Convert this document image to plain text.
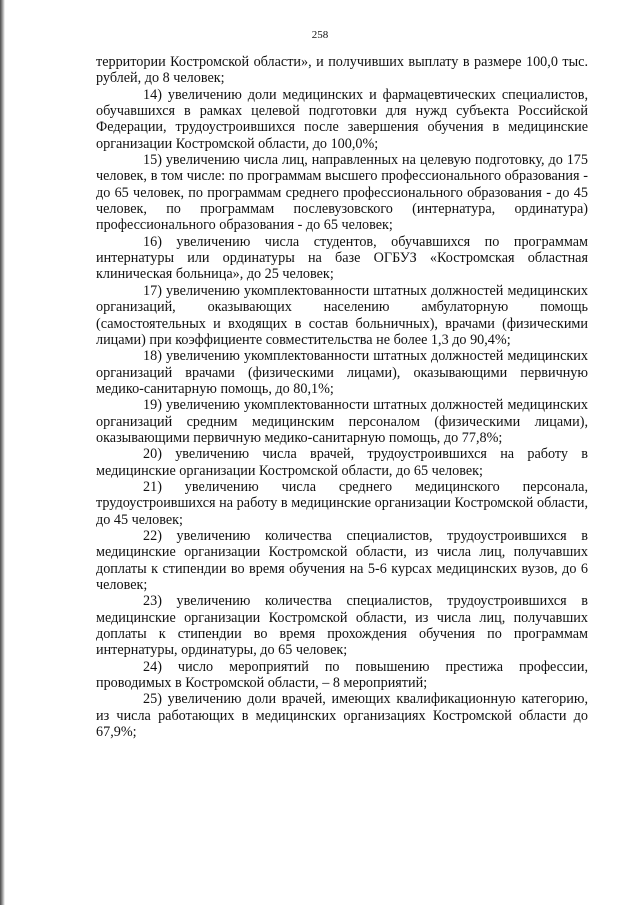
258

территории Костромской области», и получивших выплату в размере 100,0 тыс. рублей, до 8 человек;

14) увеличению доли медицинских и фармацевтических специалистов, обучавшихся в рамках целевой подготовки для нужд субъекта Российской Федерации, трудоустроившихся после завершения обучения в медицинские организации Костромской области, до 100,0%;

15) увеличению числа лиц, направленных на целевую подготовку, до 175 человек, в том числе: по программам высшего профессионального образования - до 65 человек, по программам среднего профессионального образования - до 45 человек, по программам послевузовского (интернатура, ординатура) профессионального образования - до 65 человек;

16) увеличению числа студентов, обучавшихся по программам интернатуры или ординатуры на базе ОГБУЗ «Костромская областная клиническая больница», до 25 человек;

17) увеличению укомплектованности штатных должностей медицинских организаций, оказывающих населению амбулаторную помощь (самостоятельных и входящих в состав больничных), врачами (физическими лицами) при коэффициенте совместительства не более 1,3 до 90,4%;

18) увеличению укомплектованности штатных должностей медицинских организаций врачами (физическими лицами), оказывающими первичную медико-санитарную помощь, до 80,1%;

19) увеличению укомплектованности штатных должностей медицинских организаций средним медицинским персоналом (физическими лицами), оказывающими первичную медико-санитарную помощь, до 77,8%;

20) увеличению числа врачей, трудоустроившихся на работу в медицинские организации Костромской области, до 65 человек;

21) увеличению числа среднего медицинского персонала, трудоустроившихся на работу в медицинские организации Костромской области, до 45 человек;

22) увеличению количества специалистов, трудоустроившихся в медицинские организации Костромской области, из числа лиц, получавших доплаты к стипендии во время обучения на 5-6 курсах медицинских вузов, до 6 человек;

23) увеличению количества специалистов, трудоустроившихся в медицинские организации Костромской области, из числа лиц, получавших доплаты к стипендии во время прохождения обучения по программам интернатуры, ординатуры, до 65 человек;

24) число мероприятий по повышению престижа профессии, проводимых в Костромской области, – 8 мероприятий;

25) увеличению доли врачей, имеющих квалификационную категорию, из числа работающих в медицинских организациях Костромской области до 67,9%;
